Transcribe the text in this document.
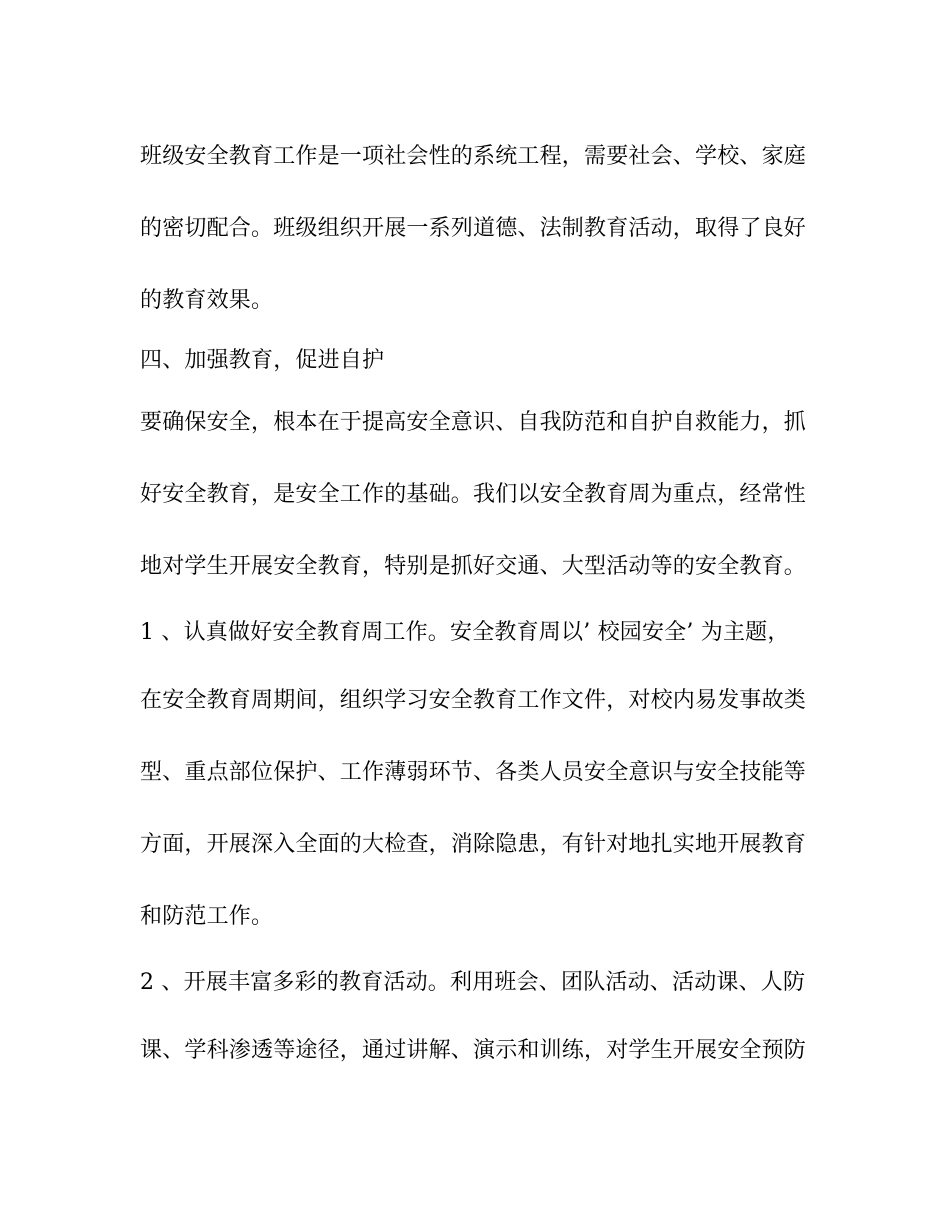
班级安全教育工作是一项社会性的系统工程，需要社会、学校、家庭
的密切配合。班级组织开展一系列道德、法制教育活动，取得了良好
的教育效果。
四、加强教育，促进自护
要确保安全，根本在于提高安全意识、自我防范和自护自救能力，抓
好安全教育，是安全工作的基础。我们以安全教育周为重点，经常性
地对学生开展安全教育，特别是抓好交通、大型活动等的安全教育。
1 、认真做好安全教育周工作。安全教育周以’ 校园安全’ 为主题，
在安全教育周期间，组织学习安全教育工作文件，对校内易发事故类
型、重点部位保护、工作薄弱环节、各类人员安全意识与安全技能等
方面，开展深入全面的大检查，消除隐患，有针对地扎实地开展教育
和防范工作。
2 、开展丰富多彩的教育活动。利用班会、团队活动、活动课、人防
课、学科渗透等途径，通过讲解、演示和训练，对学生开展安全预防
